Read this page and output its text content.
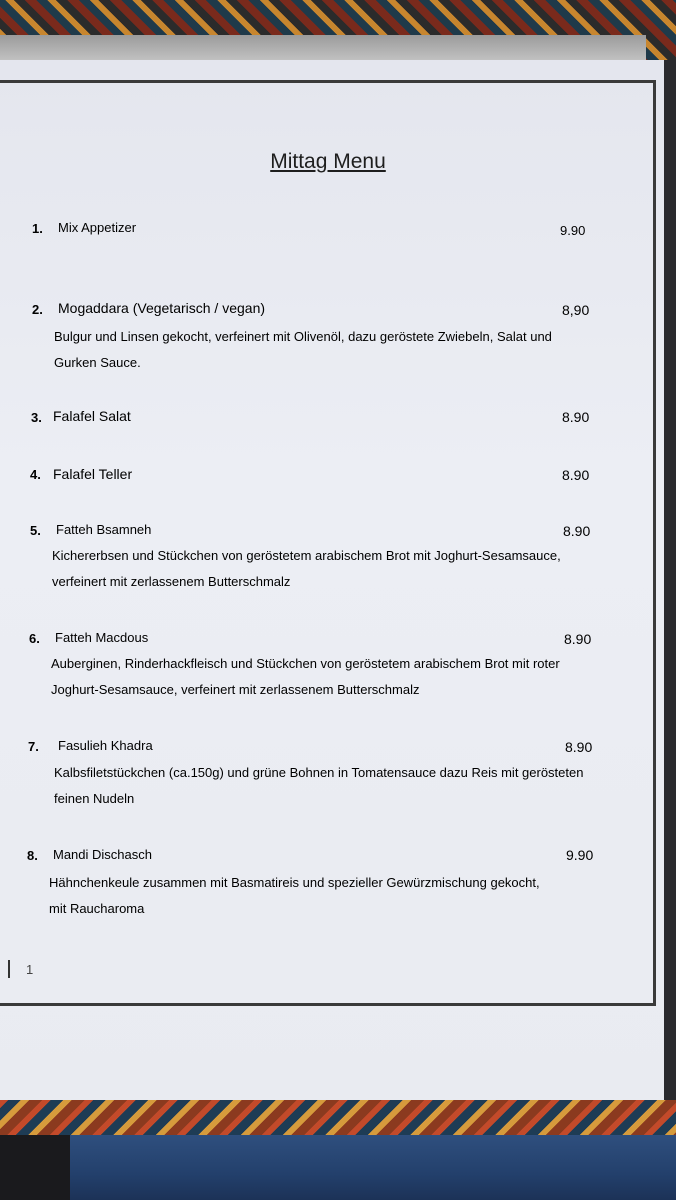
Mittag Menu
1. Mix Appetizer	9.90
2. Mogaddara (Vegetarisch / vegan)	8,90
Bulgur und Linsen gekocht, verfeinert mit Olivenöl, dazu geröstete Zwiebeln, Salat und
Gurken Sauce.
3. Falafel Salat	8.90
4. Falafel Teller	8.90
5. Fatteh Bsamneh	8.90
Kichererbsen und Stückchen von geröstetem arabischem Brot mit Joghurt-Sesamsauce,
verfeinert mit zerlassenem Butterschmalz
6. Fatteh Macdous	8.90
Auberginen, Rinderhackfleisch und Stückchen von geröstetem arabischem Brot mit roter
Joghurt-Sesamsauce, verfeinert mit zerlassenem Butterschmalz
7. Fasulieh Khadra	8.90
Kalbsfiletstückchen (ca.150g) und grüne Bohnen in Tomatensauce dazu Reis mit gerösteten
feinen Nudeln
8. Mandi Dischasch	9.90
Hähnchenkeule zusammen mit Basmatireis und spezieller Gewürzmischung gekocht,
mit Raucharoma
1
